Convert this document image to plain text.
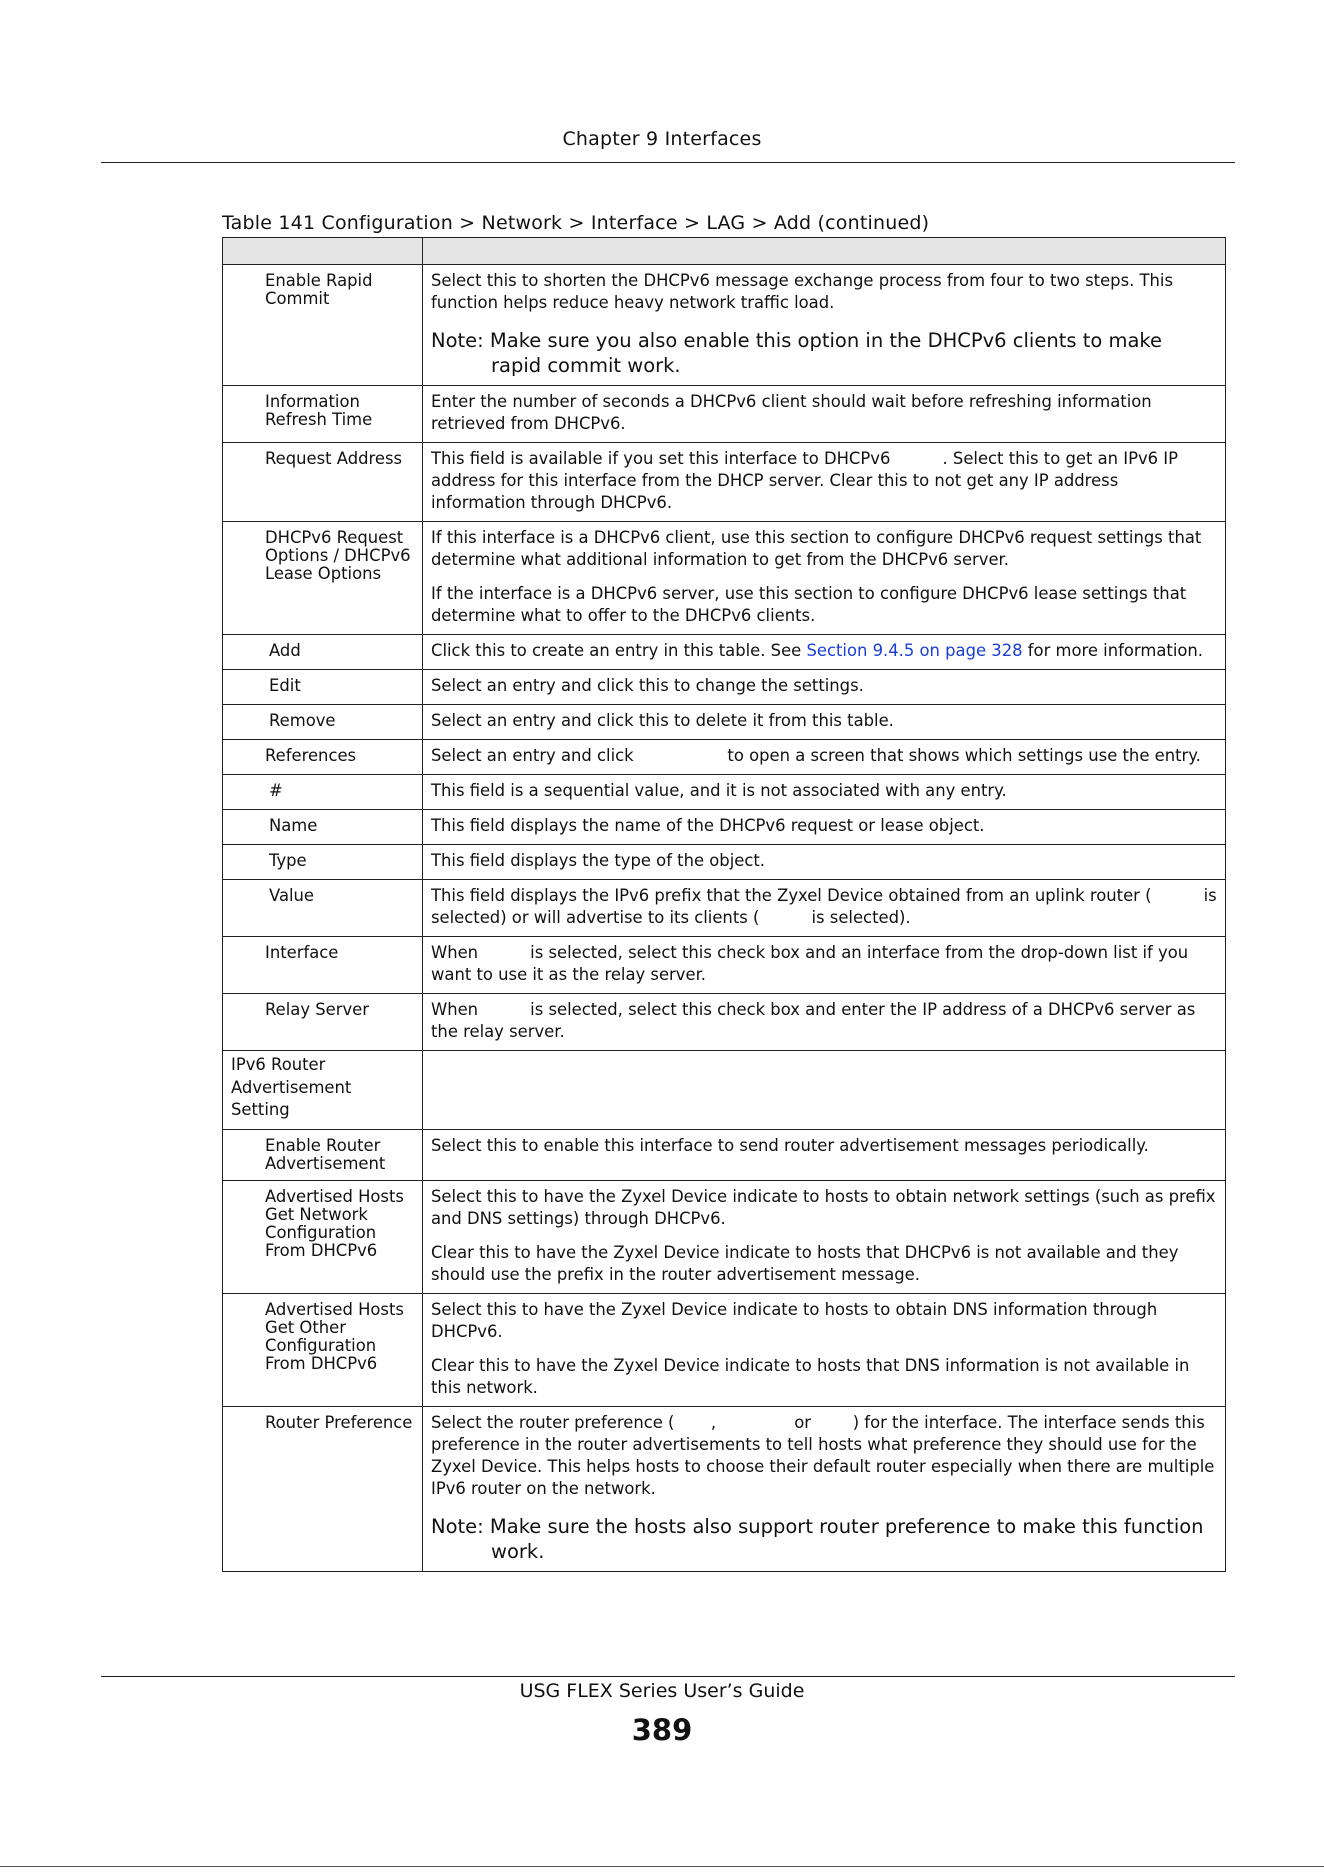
Chapter 9 Interfaces
Table 141 Configuration > Network > Interface > LAG > Add (continued)

Enable Rapid Commit	Select this to shorten the DHCPv6 message exchange process from four to two steps. This function helps reduce heavy network traffic load.

Note: Make sure you also enable this option in the DHCPv6 clients to make rapid commit work.

Information Refresh Time	Enter the number of seconds a DHCPv6 client should wait before refreshing information retrieved from DHCPv6.

Request Address	This field is available if you set this interface to DHCPv6          . Select this to get an IPv6 IP address for this interface from the DHCP server. Clear this to not get any IP address information through DHCPv6.

DHCPv6 Request Options / DHCPv6 Lease Options	If this interface is a DHCPv6 client, use this section to configure DHCPv6 request settings that determine what additional information to get from the DHCPv6 server.

If the interface is a DHCPv6 server, use this section to configure DHCPv6 lease settings that determine what to offer to the DHCPv6 clients.

Add	Click this to create an entry in this table. See Section 9.4.5 on page 328 for more information.

Edit	Select an entry and click this to change the settings.

Remove	Select an entry and click this to delete it from this table.

References	Select an entry and click                  to open a screen that shows which settings use the entry.

#	This field is a sequential value, and it is not associated with any entry.

Name	This field displays the name of the DHCPv6 request or lease object.

Type	This field displays the type of the object.

Value	This field displays the IPv6 prefix that the Zyxel Device obtained from an uplink router (          is selected) or will advertise to its clients (          is selected).

Interface	When          is selected, select this check box and an interface from the drop-down list if you want to use it as the relay server.

Relay Server	When          is selected, select this check box and enter the IP address of a DHCPv6 server as the relay server.

IPv6 Router Advertisement Setting	
Enable Router Advertisement	Select this to enable this interface to send router advertisement messages periodically.

Advertised Hosts Get Network Configuration From DHCPv6	Select this to have the Zyxel Device indicate to hosts to obtain network settings (such as prefix and DNS settings) through DHCPv6.

Clear this to have the Zyxel Device indicate to hosts that DHCPv6 is not available and they should use the prefix in the router advertisement message.

Advertised Hosts Get Other Configuration From DHCPv6	Select this to have the Zyxel Device indicate to hosts to obtain DNS information through DHCPv6.

Clear this to have the Zyxel Device indicate to hosts that DNS information is not available in this network.

Router Preference	Select the router preference (       ,               or        ) for the interface. The interface sends this preference in the router advertisements to tell hosts what preference they should use for the Zyxel Device. This helps hosts to choose their default router especially when there are multiple IPv6 router on the network.

Note: Make sure the hosts also support router preference to make this function work.

USG FLEX Series User’s Guide
389
